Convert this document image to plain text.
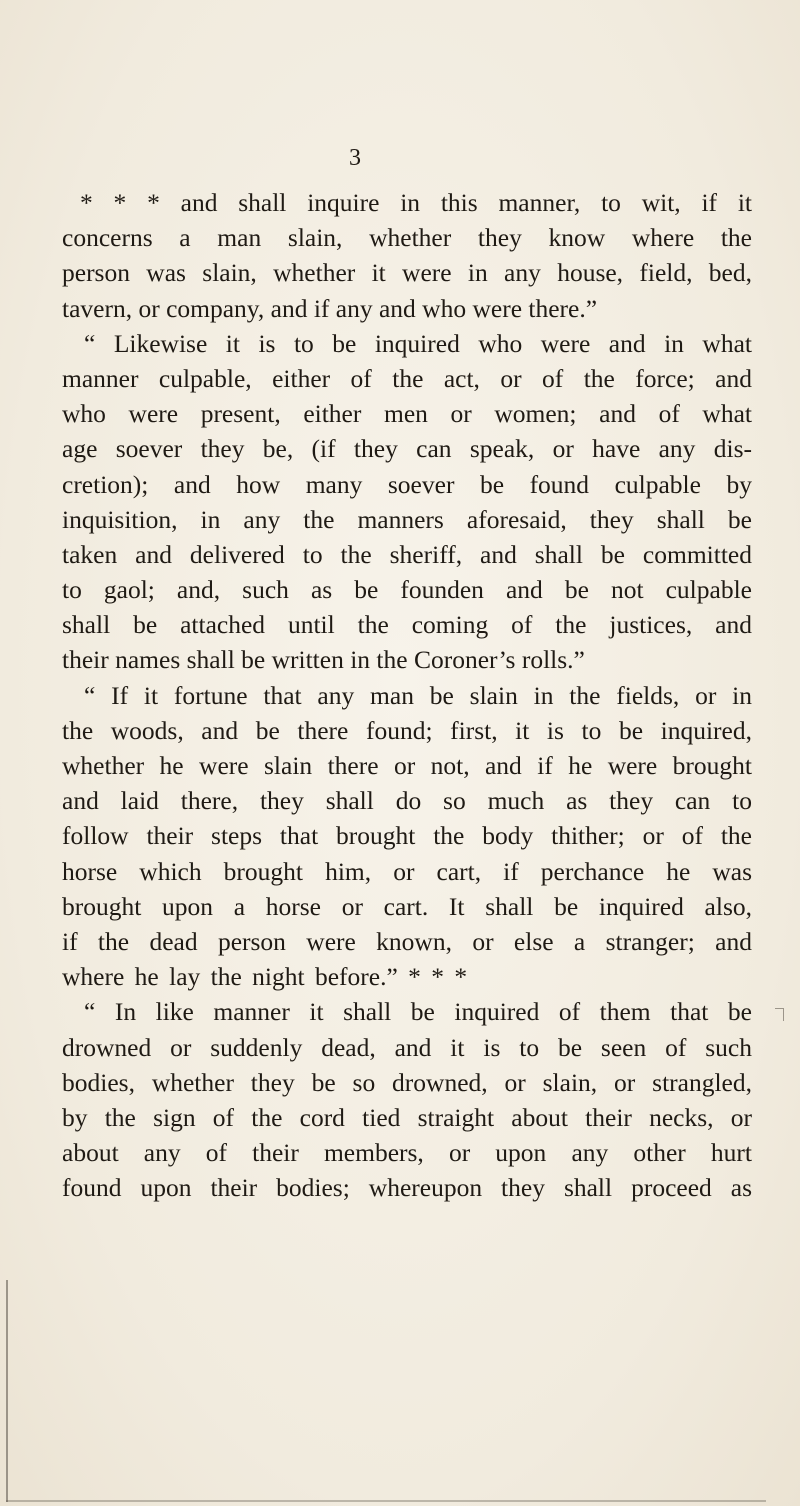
3
* * * and shall inquire in this manner, to wit, if it
concerns a man slain, whether they know where the
person was slain, whether it were in any house, field, bed,
tavern, or company, and if any and who were there.”
“ Likewise it is to be inquired who were and in what
manner culpable, either of the act, or of the force; and
who were present, either men or women; and of what
age soever they be, (if they can speak, or have any dis-
cretion); and how many soever be found culpable by
inquisition, in any the manners aforesaid, they shall be
taken and delivered to the sheriff, and shall be committed
to gaol; and, such as be founden and be not culpable
shall be attached until the coming of the justices, and
their names shall be written in the Coroner’s rolls.”
“ If it fortune that any man be slain in the fields, or in
the woods, and be there found; first, it is to be inquired,
whether he were slain there or not, and if he were brought
and laid there, they shall do so much as they can to
follow their steps that brought the body thither; or of the
horse which brought him, or cart, if perchance he was
brought upon a horse or cart. It shall be inquired also,
if the dead person were known, or else a stranger; and
where he lay the night before.” * * *
“ In like manner it shall be inquired of them that be
drowned or suddenly dead, and it is to be seen of such
bodies, whether they be so drowned, or slain, or strangled,
by the sign of the cord tied straight about their necks, or
about any of their members, or upon any other hurt
found upon their bodies; whereupon they shall proceed as
